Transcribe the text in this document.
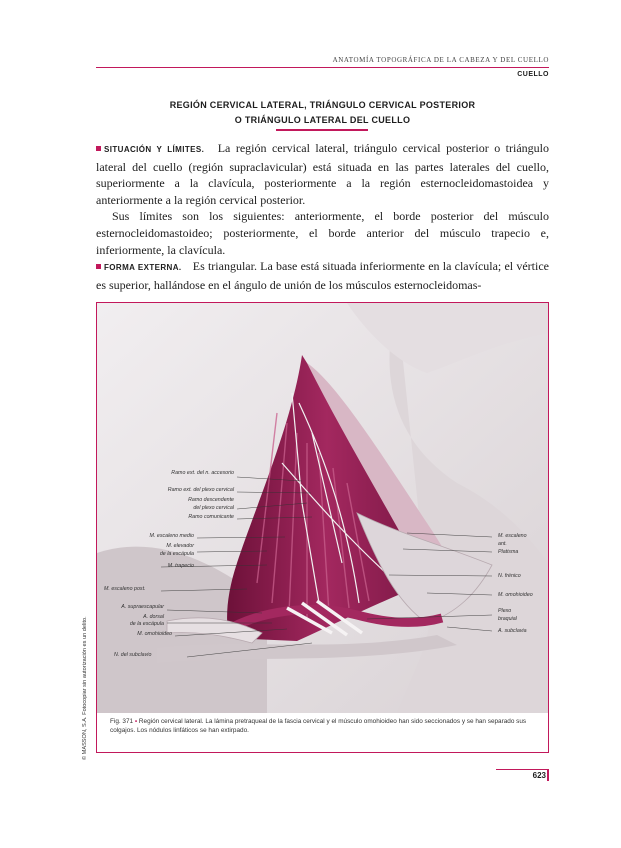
ANATOMÍA TOPOGRÁFICA DE LA CABEZA Y DEL CUELLO
CUELLO
REGIÓN CERVICAL LATERAL, TRIÁNGULO CERVICAL POSTERIOR
O TRIÁNGULO LATERAL DEL CUELLO

SITUACIÓN Y LÍMITES. La región cervical lateral, triángulo cervical posterior o triángulo lateral del cuello (región supraclavicular) está situada en las partes laterales del cuello, superiormente a la clavícula, posteriormente a la región esternocleidomastoidea y anteriormente a la región cervical posterior.

Sus límites son los siguientes: anteriormente, el borde posterior del músculo esternocleidomastoideo; posteriormente, el borde anterior del músculo trapecio e, inferiormente, la clavícula.

FORMA EXTERNA. Es triangular. La base está situada inferiormente en la clavícula; el vértice es superior, hallándose en el ángulo de unión de los músculos esternocleidomas-

Ramo ext. del n. accesorio
Ramo ext. del plexo cervical
Ramo descendente
del plexo cervical
Ramo comunicante
M. escaleno medio
M. elevador
de la escápula
M. trapecio
M. escaleno post.
A. supraescapular
A. dorsal
de la escápula
M. omohioideo
N. del subclavio
M. escaleno
ant.
Platisma
N. frénico
M. omohioideo
Plexo
braquial
A. subclavia
Fig. 371 ▪ Región cervical lateral. La lámina pretraqueal de la fascia cervical y el músculo omohioideo han sido seccionados y se han separado sus colgajos. Los nódulos linfáticos se han extirpado.
© MASSON, S.A. Fotocopiar sin autorización es un delito.
623
